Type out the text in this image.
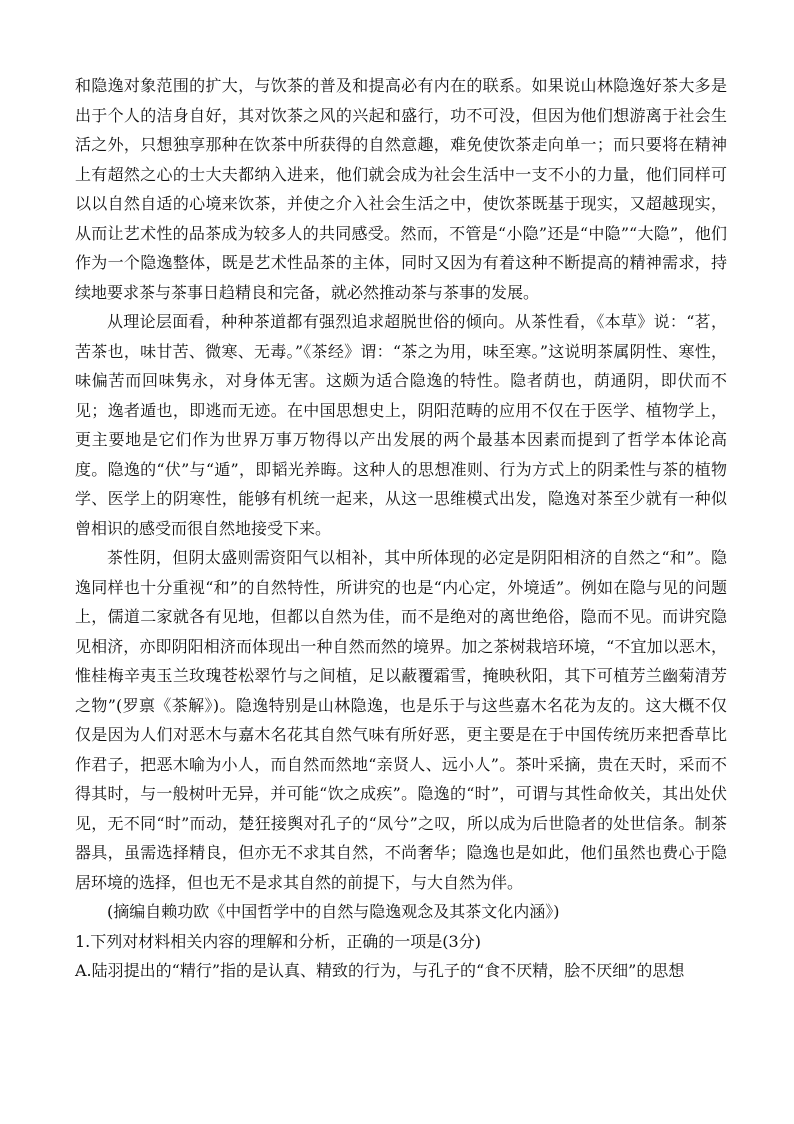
和隐逸对象范围的扩大，与饮茶的普及和提高必有内在的联系。如果说山林隐逸好茶大多是出于个人的洁身自好，其对饮茶之风的兴起和盛行，功不可没，但因为他们想游离于社会生活之外，只想独享那种在饮茶中所获得的自然意趣，难免使饮茶走向单一；而只要将在精神上有超然之心的士大夫都纳入进来，他们就会成为社会生活中一支不小的力量，他们同样可以以自然自适的心境来饮茶，并使之介入社会生活之中，使饮茶既基于现实，又超越现实，从而让艺术性的品茶成为较多人的共同感受。然而，不管是“小隐”还是“中隐”“大隐”，他们作为一个隐逸整体，既是艺术性品茶的主体，同时又因为有着这种不断提高的精神需求，持续地要求茶与茶事日趋精良和完备，就必然推动茶与茶事的发展。

从理论层面看，种种茶道都有强烈追求超脱世俗的倾向。从茶性看，《本草》说：“茗，苦茶也，味甘苦、微寒、无毒。”《茶经》谓：“茶之为用，味至寒。”这说明茶属阴性、寒性，味偏苦而回味隽永，对身体无害。这颇为适合隐逸的特性。隐者荫也，荫通阴，即伏而不见；逸者遁也，即逃而无迹。在中国思想史上，阴阳范畴的应用不仅在于医学、植物学上，更主要地是它们作为世界万事万物得以产出发展的两个最基本因素而提到了哲学本体论高度。隐逸的“伏”与“遁”，即韬光养晦。这种人的思想准则、行为方式上的阴柔性与茶的植物学、医学上的阴寒性，能够有机统一起来，从这一思维模式出发，隐逸对茶至少就有一种似曾相识的感受而很自然地接受下来。

茶性阴，但阴太盛则需资阳气以相补，其中所体现的必定是阴阳相济的自然之“和”。隐逸同样也十分重视“和”的自然特性，所讲究的也是“内心定，外境适”。例如在隐与见的问题上，儒道二家就各有见地，但都以自然为佳，而不是绝对的离世绝俗，隐而不见。而讲究隐见相济，亦即阴阳相济而体现出一种自然而然的境界。加之茶树栽培环境，“不宜加以恶木，惟桂梅辛夷玉兰玫瑰苍松翠竹与之间植，足以蔽覆霜雪，掩映秋阳，其下可植芳兰幽菊清芳之物”(罗禀《茶解》)。隐逸特别是山林隐逸，也是乐于与这些嘉木名花为友的。这大概不仅仅是因为人们对恶木与嘉木名花其自然气味有所好恶，更主要是在于中国传统历来把香草比作君子，把恶木喻为小人，而自然而然地“亲贤人、远小人”。茶叶采摘，贵在天时，采而不得其时，与一般树叶无异，并可能“饮之成疾”。隐逸的“时”，可谓与其性命攸关，其出处伏见，无不同“时”而动，楚狂接舆对孔子的“凤兮”之叹，所以成为后世隐者的处世信条。制茶器具，虽需选择精良，但亦无不求其自然，不尚奢华；隐逸也是如此，他们虽然也费心于隐居环境的选择，但也无不是求其自然的前提下，与大自然为伴。

(摘编自赖功欧《中国哲学中的自然与隐逸观念及其茶文化内涵》)

1.下列对材料相关内容的理解和分析，正确的一项是(3分)

A.陆羽提出的“精行”指的是认真、精致的行为，与孔子的“食不厌精，脍不厌细”的思想
